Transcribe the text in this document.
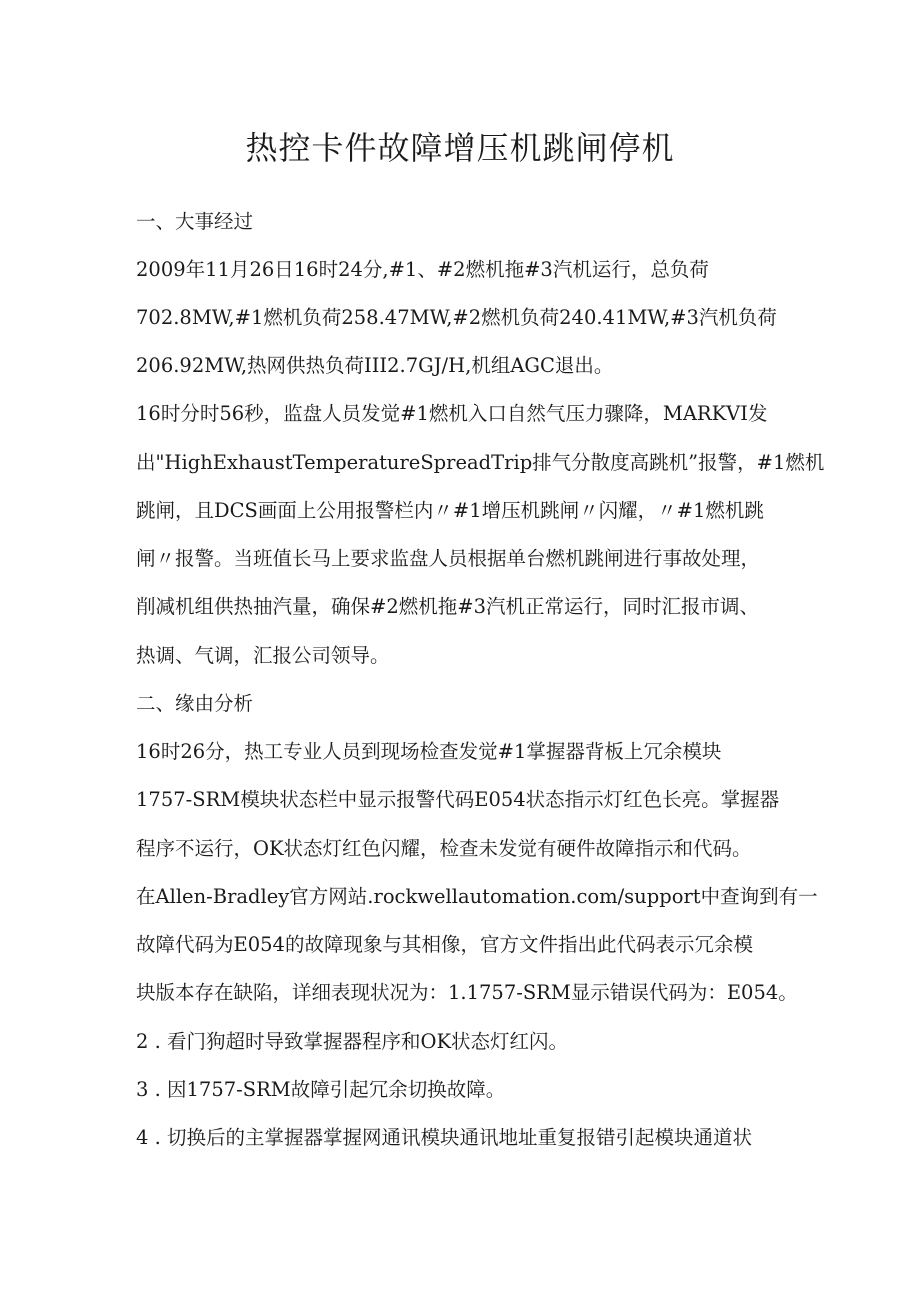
热控卡件故障增压机跳闸停机

一、大事经过

2009年11月26日16时24分,#1、#2燃机拖#3汽机运行，总负荷

702.8MW,#1燃机负荷258.47MW,#2燃机负荷240.41MW,#3汽机负荷

206.92MW,热网供热负荷III2.7GJ/H,机组AGC退出。

16时分时56秒，监盘人员发觉#1燃机入口自然气压力骤降，MARKVI发

出"HighExhaustTemperatureSpreadTrip排气分散度高跳机”报警，#1燃机

跳闸，且DCS画面上公用报警栏内〃#1增压机跳闸〃闪耀，〃#1燃机跳

闸〃报警。当班值长马上要求监盘人员根据单台燃机跳闸进行事故处理，

削减机组供热抽汽量，确保#2燃机拖#3汽机正常运行，同时汇报市调、

热调、气调，汇报公司领导。

二、缘由分析

16时26分，热工专业人员到现场检查发觉#1掌握器背板上冗余模块

1757-SRM模块状态栏中显示报警代码E054状态指示灯红色长亮。掌握器

程序不运行，OK状态灯红色闪耀，检查未发觉有硬件故障指示和代码。

在Allen-Bradley官方网站.rockwellautomation.com/support中查询到有一

故障代码为E054的故障现象与其相像，官方文件指出此代码表示冗余模

块版本存在缺陷，详细表现状况为：1.1757-SRM显示错误代码为：E054。

2 . 看门狗超时导致掌握器程序和OK状态灯红闪。

3 . 因1757-SRM故障引起冗余切换故障。

4 . 切换后的主掌握器掌握网通讯模块通讯地址重复报错引起模块通道状
